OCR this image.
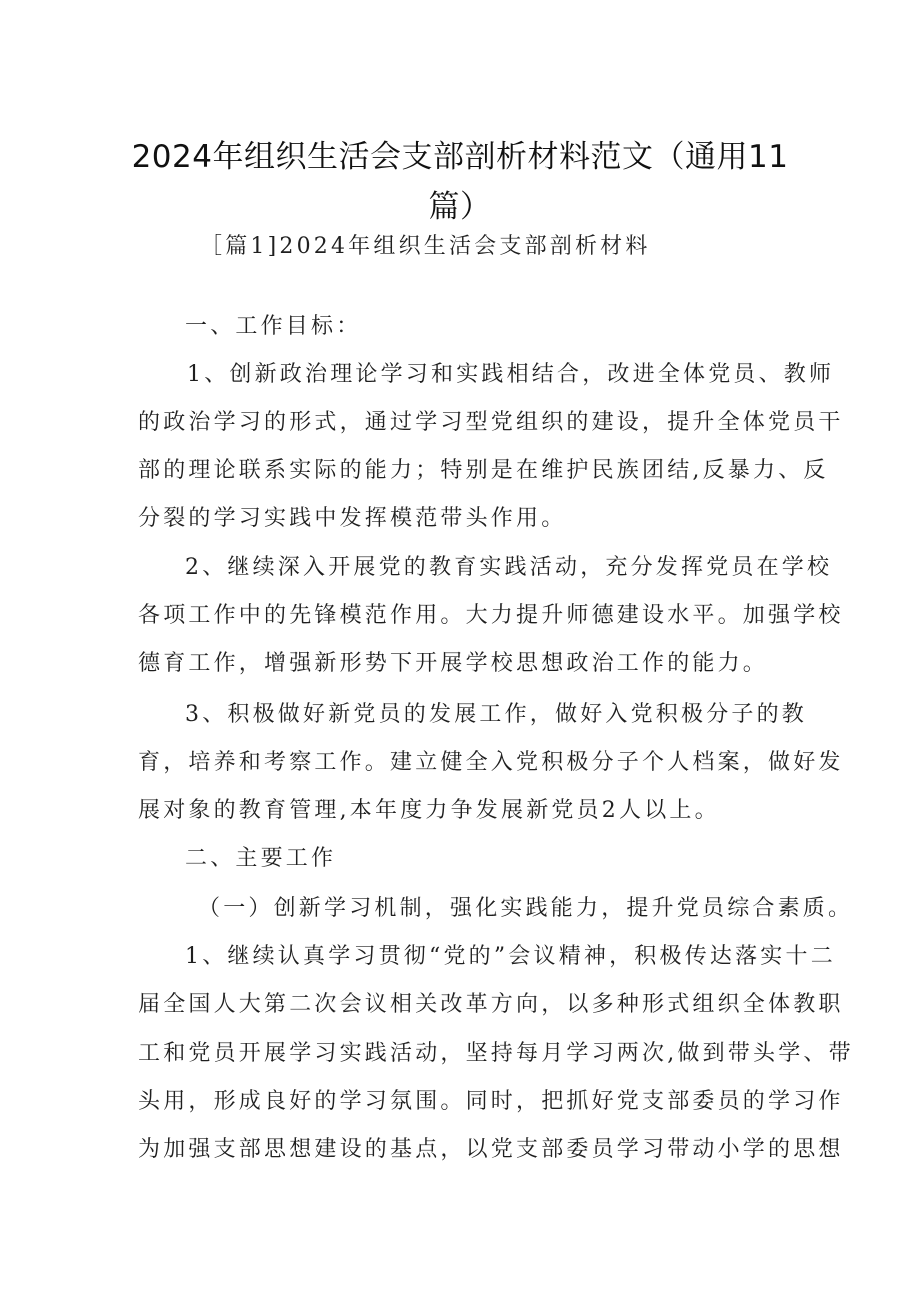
2024年组织生活会支部剖析材料范文（通用11
篇）
［篇1]2024年组织生活会支部剖析材料
一、工作目标：
1、创新政治理论学习和实践相结合，改进全体党员、教师
的政治学习的形式，通过学习型党组织的建设，提升全体党员干
部的理论联系实际的能力；特别是在维护民族团结,反暴力、反
分裂的学习实践中发挥模范带头作用。
2、继续深入开展党的教育实践活动，充分发挥党员在学校
各项工作中的先锋模范作用。大力提升师德建设水平。加强学校
德育工作，增强新形势下开展学校思想政治工作的能力。
3、积极做好新党员的发展工作，做好入党积极分子的教
育，培养和考察工作。建立健全入党积极分子个人档案，做好发
展对象的教育管理,本年度力争发展新党员2人以上。
二、主要工作
（一）创新学习机制，强化实践能力，提升党员综合素质。
1、继续认真学习贯彻“党的”会议精神，积极传达落实十二
届全国人大第二次会议相关改革方向，以多种形式组织全体教职
工和党员开展学习实践活动，坚持每月学习两次,做到带头学、带
头用，形成良好的学习氛围。同时，把抓好党支部委员的学习作
为加强支部思想建设的基点，以党支部委员学习带动小学的思想
